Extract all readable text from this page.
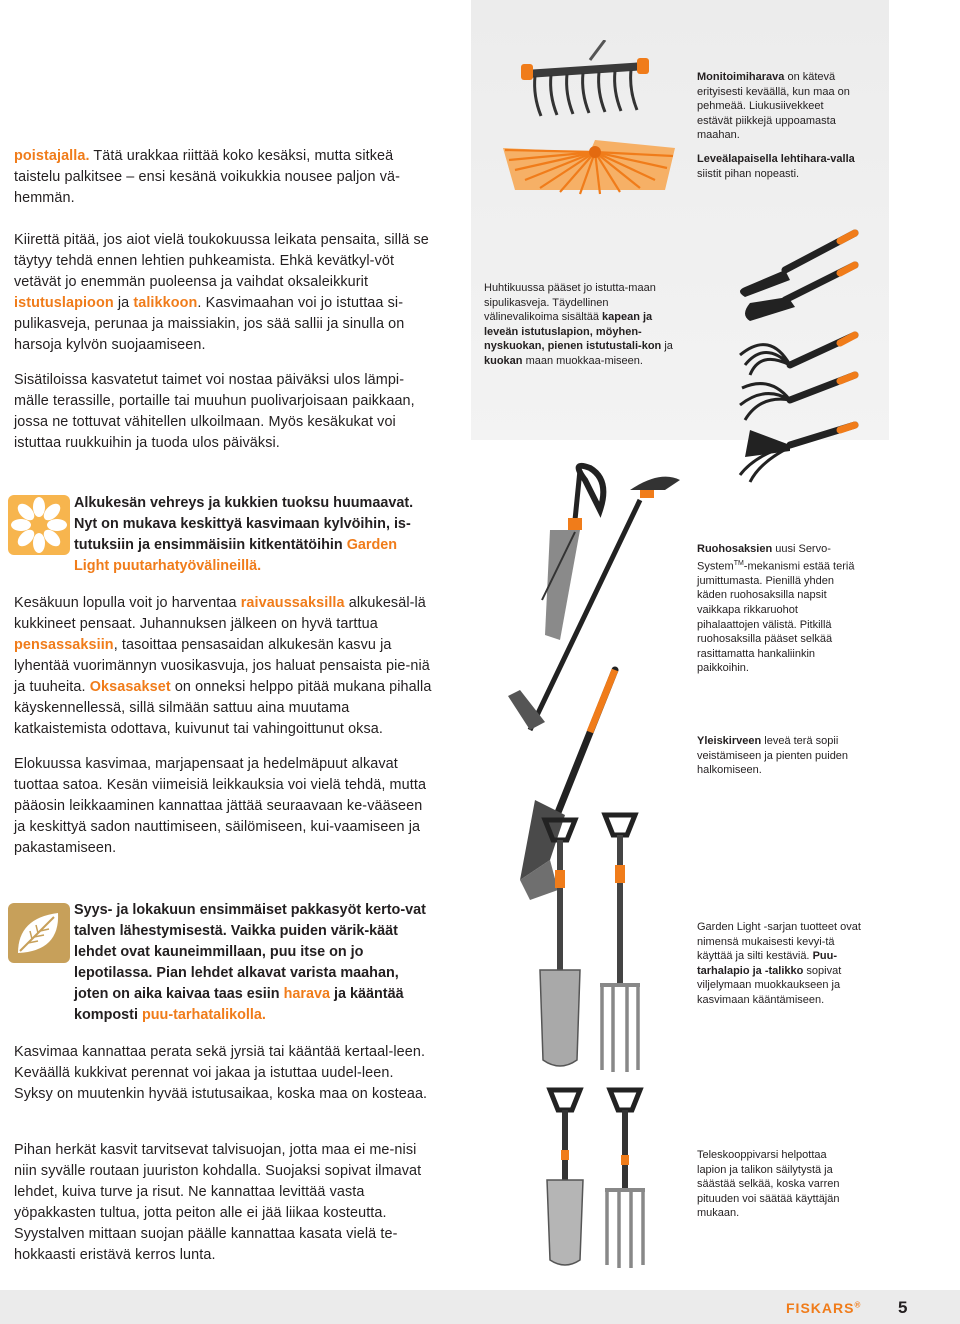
poistajalla. Tätä urakkaa riittää koko kesäksi, mutta sitkeä taistelu palkitsee – ensi kesänä voikukkia nousee paljon vä-hemmän.
Kiirettä pitää, jos aiot vielä toukokuussa leikata pensaita, sillä se täytyy tehdä ennen lehtien puhkeamista. Ehkä kevätkyl-vöt vetävät jo enemmän puoleensa ja vaihdat oksaleikkurit istutuslapioon ja talikkoon. Kasvimaahan voi jo istuttaa si-pulikasveja, perunaa ja maissiakin, jos sää sallii ja sinulla on harsoja kylvön suojaamiseen.
Sisätiloissa kasvatetut taimet voi nostaa päiväksi ulos lämpi-mälle terassille, portaille tai muuhun puolivarjoisaan paikkaan, jossa ne tottuvat vähitellen ulkoilmaan. Myös kesäkukat voi istuttaa ruukkuihin ja tuoda ulos päiväksi.
Monitoimiharava on kätevä erityisesti keväällä, kun maa on pehmeää. Liukusiivekkeet estävät piikkejä uppoamasta maahan.
Leveälapaisella lehtihara-valla siistit pihan nopeasti.
Huhtikuussa pääset jo istutta-maan sipulikasveja. Täydellinen välinevalikoima sisältää kapean ja leveän istutuslapion, möyhen-nyskuokan, pienen istutustali-kon ja kuokan maan muokkaa-miseen.
Alkukesän vehreys ja kukkien tuoksu huumaavat. Nyt on mukava keskittyä kasvimaan kylvöihin, is-tutuksiin ja ensimmäisiin kitkentätöihin Garden Light puutarhatyövälineillä.
Kesäkuun lopulla voit jo harventaa raivaussaksilla alkukesäl-lä kukkineet pensaat. Juhannuksen jälkeen on hyvä tarttua pensassaksiin, tasoittaa pensasaidan alkukesän kasvu ja lyhentää vuorimännyn vuosikasvuja, jos haluat pensaista pie-niä ja tuuheita. Oksasakset on onneksi helppo pitää mukana pihalla käyskennellessä, sillä silmään sattuu aina muutama katkaistemista odottava, kuivunut tai vahingoittunut oksa.
Elokuussa kasvimaa, marjapensaat ja hedelmäpuut alkavat tuottaa satoa. Kesän viimeisiä leikkauksia voi vielä tehdä, mutta pääosin leikkaaminen kannattaa jättää seuraavaan ke-vääseen ja keskittyä sadon nauttimiseen, säilömiseen, kui-vaamiseen ja pakastamiseen.
Ruohosaksien uusi Servo-System™-mekanismi estää teriä jumittumasta. Pienillä yhden käden ruohosaksilla napsit vaikkapa rikkaruohot pihalaattojen välistä. Pitkillä ruohosaksilla pääset selkää rasittamatta hankaliinkin paikkoihin.
Yleiskirveen leveä terä sopii veistämiseen ja pienten puiden halkomiseen.
Syys- ja lokakuun ensimmäiset pakkasyöt kerto-vat talven lähestymisestä. Vaikka puiden värik-käät lehdet ovat kauneimmillaan, puu itse on jo lepotilassa. Pian lehdet alkavat varista maahan, joten on aika kaivaa taas esiin harava ja kääntää komposti puu-tarhatalikolla.
Kasvimaa kannattaa perata sekä jyrsiä tai kääntää kertaal-leen. Keväällä kukkivat perennat voi jakaa ja istuttaa uudel-leen. Syksy on muutenkin hyvää istutusaikaa, koska maa on kosteaa.
Pihan herkät kasvit tarvitsevat talvisuojan, jotta maa ei me-nisi niin syvälle routaan juuriston kohdalla. Suojaksi sopivat ilmavat lehdet, kuiva turve ja risut. Ne kannattaa levittää vasta yöpakkasten tultua, jotta peiton alle ei jää liikaa kosteutta. Syystalven mittaan suojan päälle kannattaa kasata vielä te-hokkaasti eristävä kerros lunta.
Garden Light -sarjan tuotteet ovat nimensä mukaisesti kevyi-tä käyttää ja silti kestäviä. Puu-tarhalapio ja -talikko sopivat viljelymaan muokkaukseen ja kasvimaan kääntämiseen.
Teleskooppivarsi helpottaa lapion ja talikon säilytystä ja säästää selkää, koska varren pituuden voi säätää käyttäjän mukaan.
FISKARS® 5
